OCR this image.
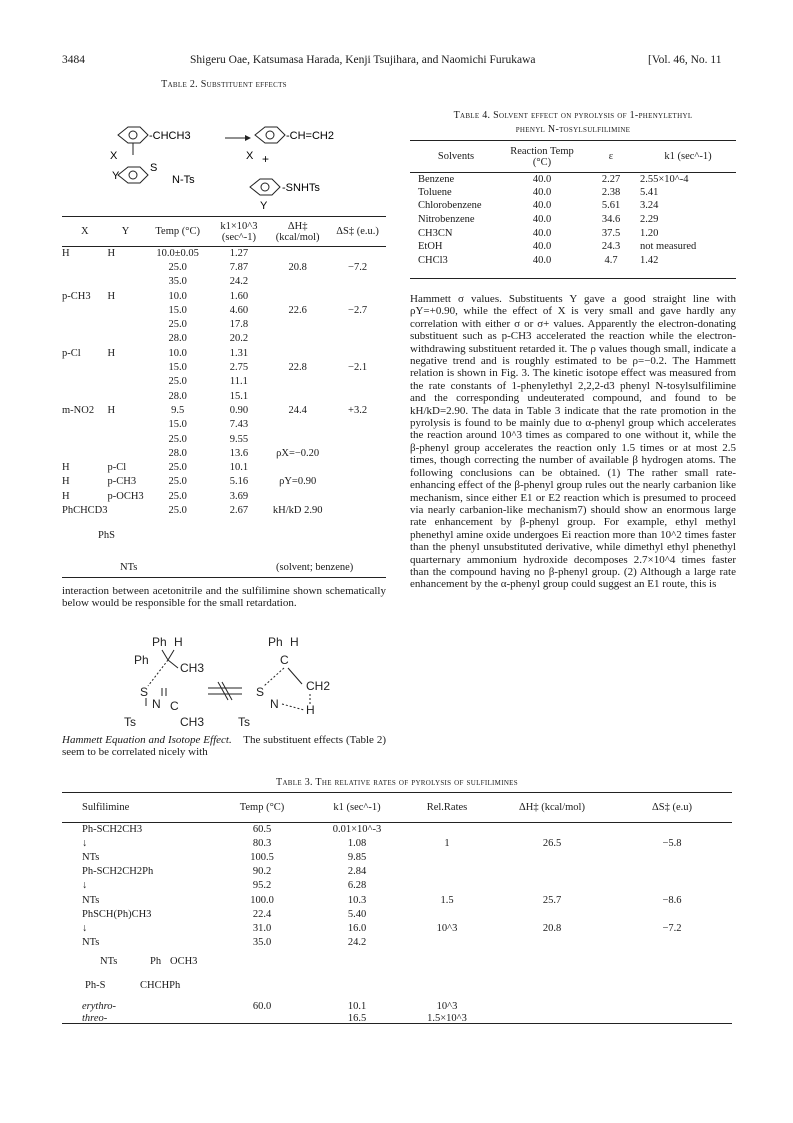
3484	Shigeru Oae, Katsumasa Harada, Kenji Tsujihara, and Naomichi Furukawa	[Vol. 46, No. 11
Table 2. Substituent effects
-CHCH3	-CH=CH2
+
S
N-Ts
-SNHTs
X
Y
X
Y
X	Y	Temp (°C)	k1×10^3 (sec^-1)	ΔH‡ (kcal/mol)	ΔS‡ (e.u.)
H	H	10.0±0.05	1.27		
		25.0	7.87	20.8	−7.2
		35.0	24.2		
p-CH3	H	10.0	1.60		
		15.0	4.60	22.6	−2.7
		25.0	17.8		
		28.0	20.2		
p-Cl	H	10.0	1.31		
		15.0	2.75	22.8	−2.1
		25.0	11.1		
		28.0	15.1		
m-NO2	H	9.5	0.90	24.4	+3.2
		15.0	7.43		
		25.0	9.55		
		28.0	13.6	ρX=−0.20	
H	p-Cl	25.0	10.1		
H	p-CH3	25.0	5.16	ρY=0.90	
H	p-OCH3	25.0	3.69		
PhCHCD3		25.0	2.67	kH/kD 2.90	
PhS
NTs	(solvent; benzene)
interaction between acetonitrile and the sulfilimine shown schematically below would be responsible for the small retardation.
Ph H
Ph
CH3
S
N
Ts
C
CH3
Ph H
C
CH2
S
N H
Ts
Hammett Equation and Isotope Effect. The substituent effects (Table 2) seem to be correlated nicely with
Table 4. Solvent effect on pyrolysis of 1-phenylethyl
phenyl N-tosylsulfilimine
Solvents	Reaction Temp (°C)	ε	k1 (sec^-1)
Benzene	40.0	2.27	2.55×10^-4
Toluene	40.0	2.38	5.41
Chlorobenzene	40.0	5.61	3.24
Nitrobenzene	40.0	34.6	2.29
CH3CN	40.0	37.5	1.20
EtOH	40.0	24.3	not measured
CHCl3	40.0	4.7	1.42
Hammett σ values. Substituents Y gave a good straight line with ρY=+0.90, while the effect of X is very small and gave hardly any correlation with either σ or σ+ values. Apparently the electron-donating substituent such as p-CH3 accelerated the reaction while the electron-withdrawing substituent retarded it. The ρ values though small, indicate a negative trend and is roughly estimated to be ρ=−0.2. The Hammett relation is shown in Fig. 3. The kinetic isotope effect was measured from the rate constants of 1-phenylethyl 2,2,2-d3 phenyl N-tosylsulfilimine and the corresponding undeuterated compound, and found to be kH/kD=2.90. The data in Table 3 indicate that the rate promotion in the pyrolysis is found to be mainly due to α-phenyl group which accelerates the reaction around 10^3 times as compared to one without it, while the β-phenyl group accelerates the reaction only 1.5 times or at most 2.5 times, though correcting the number of available β hydrogen atoms. The following conclusions can be obtained. (1) The rather small rate-enhancing effect of the β-phenyl group rules out the nearly carbanion like mechanism, since either E1 or E2 reaction which is presumed to proceed via nearly carbanion-like mechanism7) should show an enormous large rate enhancement by β-phenyl group. For example, ethyl methyl phenethyl amine oxide undergoes Ei reaction more than 10^2 times faster than the phenyl unsubstituted derivative, while dimethyl ethyl phenethyl quarternary ammonium hydroxide decomposes 2.7×10^4 times faster than the compound having no β-phenyl group. (2) Although a large rate enhancement by the α-phenyl group could suggest an E1 route, this is
Table 3. The relative rates of pyrolysis of sulfilimines
Sulfilimine	Temp (°C)	k1 (sec^-1)	Rel.Rates	ΔH‡ (kcal/mol)	ΔS‡ (e.u)
Ph-SCH2CH3	60.5	0.01×10^-3			
↓	80.3	1.08	1	26.5	−5.8
NTs	100.5	9.85			
Ph-SCH2CH2Ph	90.2	2.84			
↓	95.2	6.28			
NTs	100.0	10.3	1.5	25.7	−8.6
PhSCH(Ph)CH3	22.4	5.40			
↓	31.0	16.0	10^3	20.8	−7.2
NTs	35.0	24.2			
erythro-	60.0	10.1	10^3		
threo-		16.5	1.5×10^3		
NTs	Ph OCH3
Ph-S	CHCHPh
